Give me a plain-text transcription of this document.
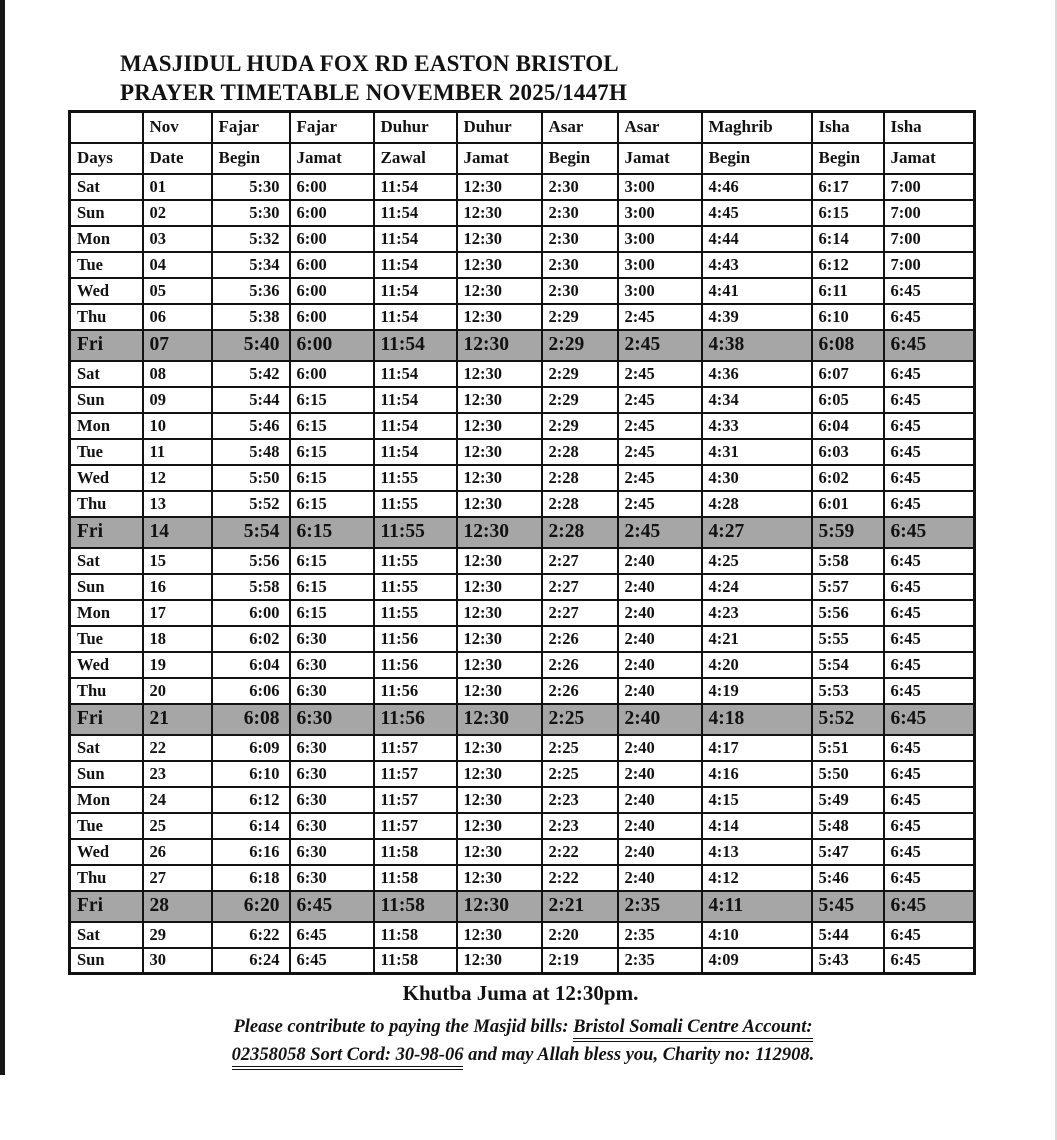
MASJIDUL HUDA FOX RD EASTON BRISTOL
PRAYER TIMETABLE NOVEMBER 2025/1447H
	Nov	Fajar	Fajar	Duhur	Duhur	Asar	Asar	Maghrib	Isha	Isha
Days	Date	Begin	Jamat	Zawal	Jamat	Begin	Jamat	Begin	Begin	Jamat
Sat	01	5:30	6:00	11:54	12:30	2:30	3:00	4:46	6:17	7:00
Sun	02	5:30	6:00	11:54	12:30	2:30	3:00	4:45	6:15	7:00
Mon	03	5:32	6:00	11:54	12:30	2:30	3:00	4:44	6:14	7:00
Tue	04	5:34	6:00	11:54	12:30	2:30	3:00	4:43	6:12	7:00
Wed	05	5:36	6:00	11:54	12:30	2:30	3:00	4:41	6:11	6:45
Thu	06	5:38	6:00	11:54	12:30	2:29	2:45	4:39	6:10	6:45
Fri	07	5:40	6:00	11:54	12:30	2:29	2:45	4:38	6:08	6:45
Sat	08	5:42	6:00	11:54	12:30	2:29	2:45	4:36	6:07	6:45
Sun	09	5:44	6:15	11:54	12:30	2:29	2:45	4:34	6:05	6:45
Mon	10	5:46	6:15	11:54	12:30	2:29	2:45	4:33	6:04	6:45
Tue	11	5:48	6:15	11:54	12:30	2:28	2:45	4:31	6:03	6:45
Wed	12	5:50	6:15	11:55	12:30	2:28	2:45	4:30	6:02	6:45
Thu	13	5:52	6:15	11:55	12:30	2:28	2:45	4:28	6:01	6:45
Fri	14	5:54	6:15	11:55	12:30	2:28	2:45	4:27	5:59	6:45
Sat	15	5:56	6:15	11:55	12:30	2:27	2:40	4:25	5:58	6:45
Sun	16	5:58	6:15	11:55	12:30	2:27	2:40	4:24	5:57	6:45
Mon	17	6:00	6:15	11:55	12:30	2:27	2:40	4:23	5:56	6:45
Tue	18	6:02	6:30	11:56	12:30	2:26	2:40	4:21	5:55	6:45
Wed	19	6:04	6:30	11:56	12:30	2:26	2:40	4:20	5:54	6:45
Thu	20	6:06	6:30	11:56	12:30	2:26	2:40	4:19	5:53	6:45
Fri	21	6:08	6:30	11:56	12:30	2:25	2:40	4:18	5:52	6:45
Sat	22	6:09	6:30	11:57	12:30	2:25	2:40	4:17	5:51	6:45
Sun	23	6:10	6:30	11:57	12:30	2:25	2:40	4:16	5:50	6:45
Mon	24	6:12	6:30	11:57	12:30	2:23	2:40	4:15	5:49	6:45
Tue	25	6:14	6:30	11:57	12:30	2:23	2:40	4:14	5:48	6:45
Wed	26	6:16	6:30	11:58	12:30	2:22	2:40	4:13	5:47	6:45
Thu	27	6:18	6:30	11:58	12:30	2:22	2:40	4:12	5:46	6:45
Fri	28	6:20	6:45	11:58	12:30	2:21	2:35	4:11	5:45	6:45
Sat	29	6:22	6:45	11:58	12:30	2:20	2:35	4:10	5:44	6:45
Sun	30	6:24	6:45	11:58	12:30	2:19	2:35	4:09	5:43	6:45
Khutba Juma at 12:30pm.
Please contribute to paying the Masjid bills: Bristol Somali Centre Account:
02358058 Sort Cord: 30-98-06 and may Allah bless you, Charity no: 112908.
